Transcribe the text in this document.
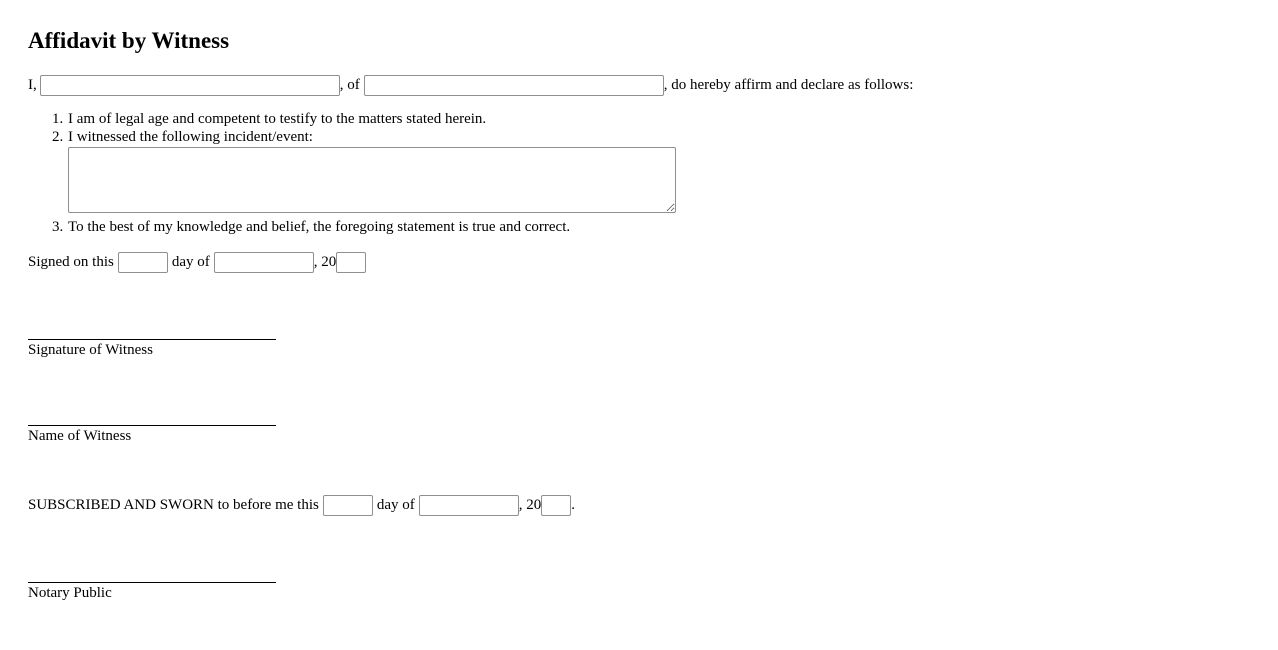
Affidavit by Witness
I,	, of	, do hereby affirm and declare as follows:
1. I am of legal age and competent to testify to the matters stated herein.
2. I witnessed the following incident/event:
3. To the best of my knowledge and belief, the foregoing statement is true and correct.
Signed on this	day of	, 20
Signature of Witness
Name of Witness
SUBSCRIBED AND SWORN to before me this	day of	, 20 .
Notary Public
